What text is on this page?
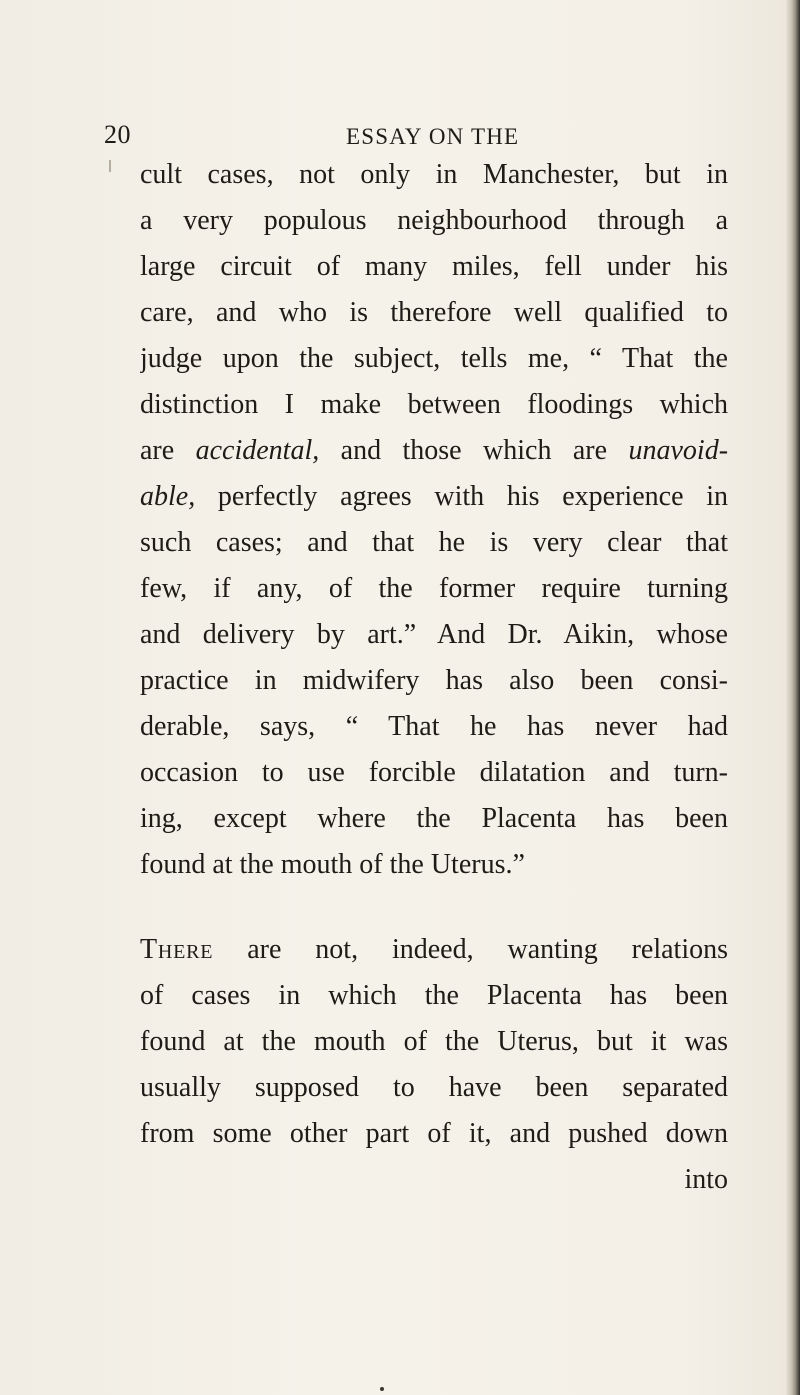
20	ESSAY ON THE
cult cases, not only in Manchester, but in
a very populous neighbourhood through a
large circuit of many miles, fell under his
care, and who is therefore well qualified to
judge upon the subject, tells me, “ That the
distinction I make between floodings which
are accidental, and those which are unavoid-
able, perfectly agrees with his experience in
such cases; and that he is very clear that
few, if any, of the former require turning
and delivery by art.” And Dr. Aikin, whose
practice in midwifery has also been consi-
derable, says, “ That he has never had
occasion to use forcible dilatation and turn-
ing, except where the Placenta has been
found at the mouth of the Uterus.”
There are not, indeed, wanting relations
of cases in which the Placenta has been
found at the mouth of the Uterus, but it was
usually supposed to have been separated
from some other part of it, and pushed down
into
